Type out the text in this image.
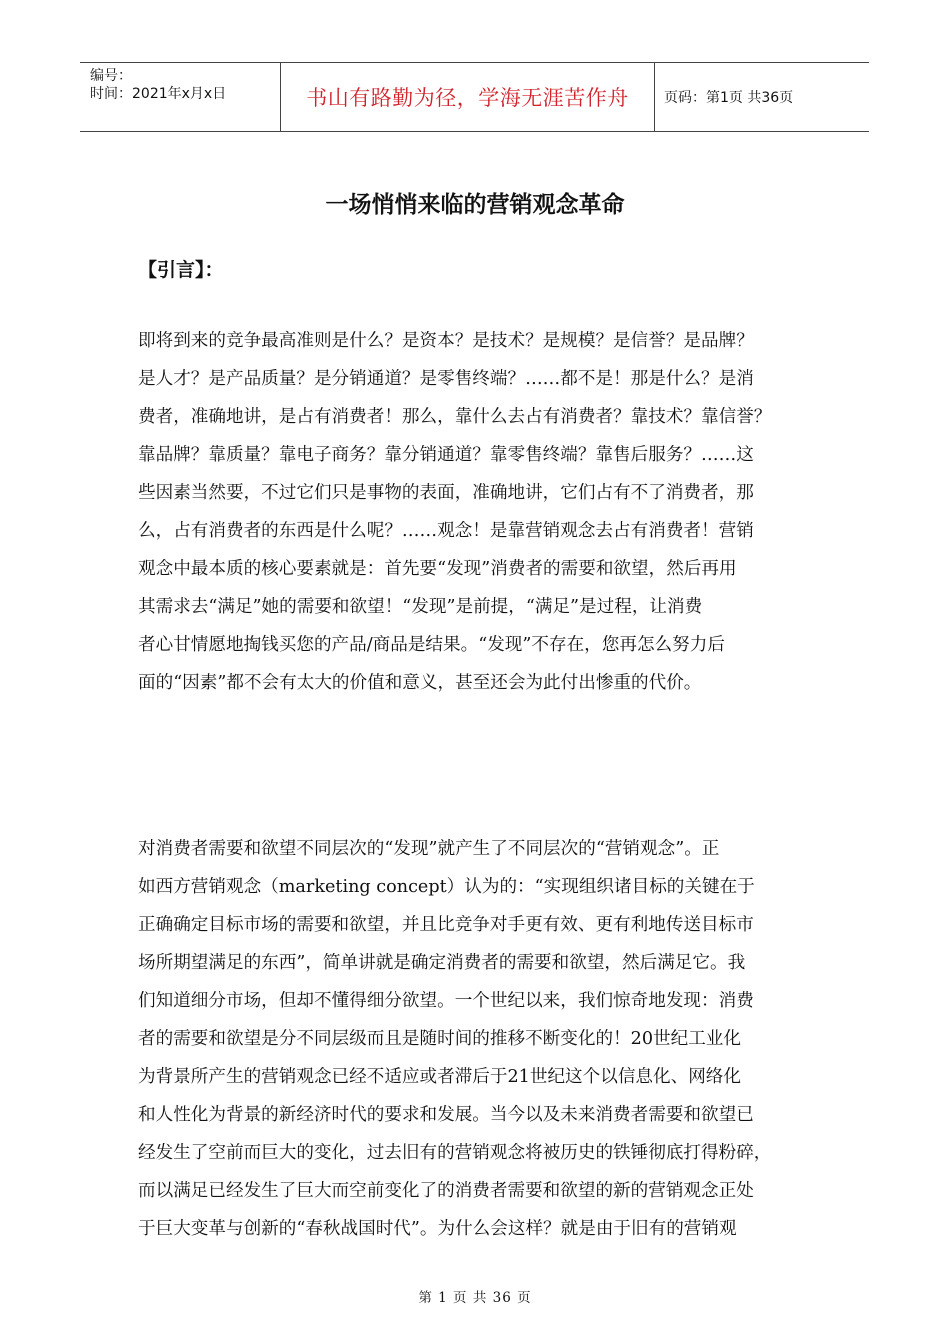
编号：
时间：2021年x月x日	书山有路勤为径，学海无涯苦作舟	页码：第1页 共36页
一场悄悄来临的营销观念革命
【引言】：

即将到来的竞争最高准则是什么？是资本？是技术？是规模？是信誉？是品牌？
是人才？是产品质量？是分销通道？是零售终端？……都不是！那是什么？是消
费者，准确地讲，是占有消费者！那么，靠什么去占有消费者？靠技术？靠信誉？
靠品牌？靠质量？靠电子商务？靠分销通道？靠零售终端？靠售后服务？……这
些因素当然要，不过它们只是事物的表面，准确地讲，它们占有不了消费者，那
么，占有消费者的东西是什么呢？……观念！是靠营销观念去占有消费者！营销
观念中最本质的核心要素就是：首先要“发现”消费者的需要和欲望，然后再用
其需求去“满足”她的需要和欲望！“发现”是前提，“满足”是过程，让消费
者心甘情愿地掏钱买您的产品/商品是结果。“发现”不存在，您再怎么努力后
面的“因素”都不会有太大的价值和意义，甚至还会为此付出惨重的代价。

对消费者需要和欲望不同层次的“发现”就产生了不同层次的“营销观念”。正
如西方营销观念（marketing concept）认为的：“实现组织诸目标的关键在于
正确确定目标市场的需要和欲望，并且比竞争对手更有效、更有利地传送目标市
场所期望满足的东西”，简单讲就是确定消费者的需要和欲望，然后满足它。我
们知道细分市场，但却不懂得细分欲望。一个世纪以来，我们惊奇地发现：消费
者的需要和欲望是分不同层级而且是随时间的推移不断变化的！20世纪工业化
为背景所产生的营销观念已经不适应或者滞后于21世纪这个以信息化、网络化
和人性化为背景的新经济时代的要求和发展。当今以及未来消费者需要和欲望已
经发生了空前而巨大的变化，过去旧有的营销观念将被历史的铁锤彻底打得粉碎，
而以满足已经发生了巨大而空前变化了的消费者需要和欲望的新的营销观念正处
于巨大变革与创新的“春秋战国时代”。为什么会这样？就是由于旧有的营销观

第 1 页 共 36 页
